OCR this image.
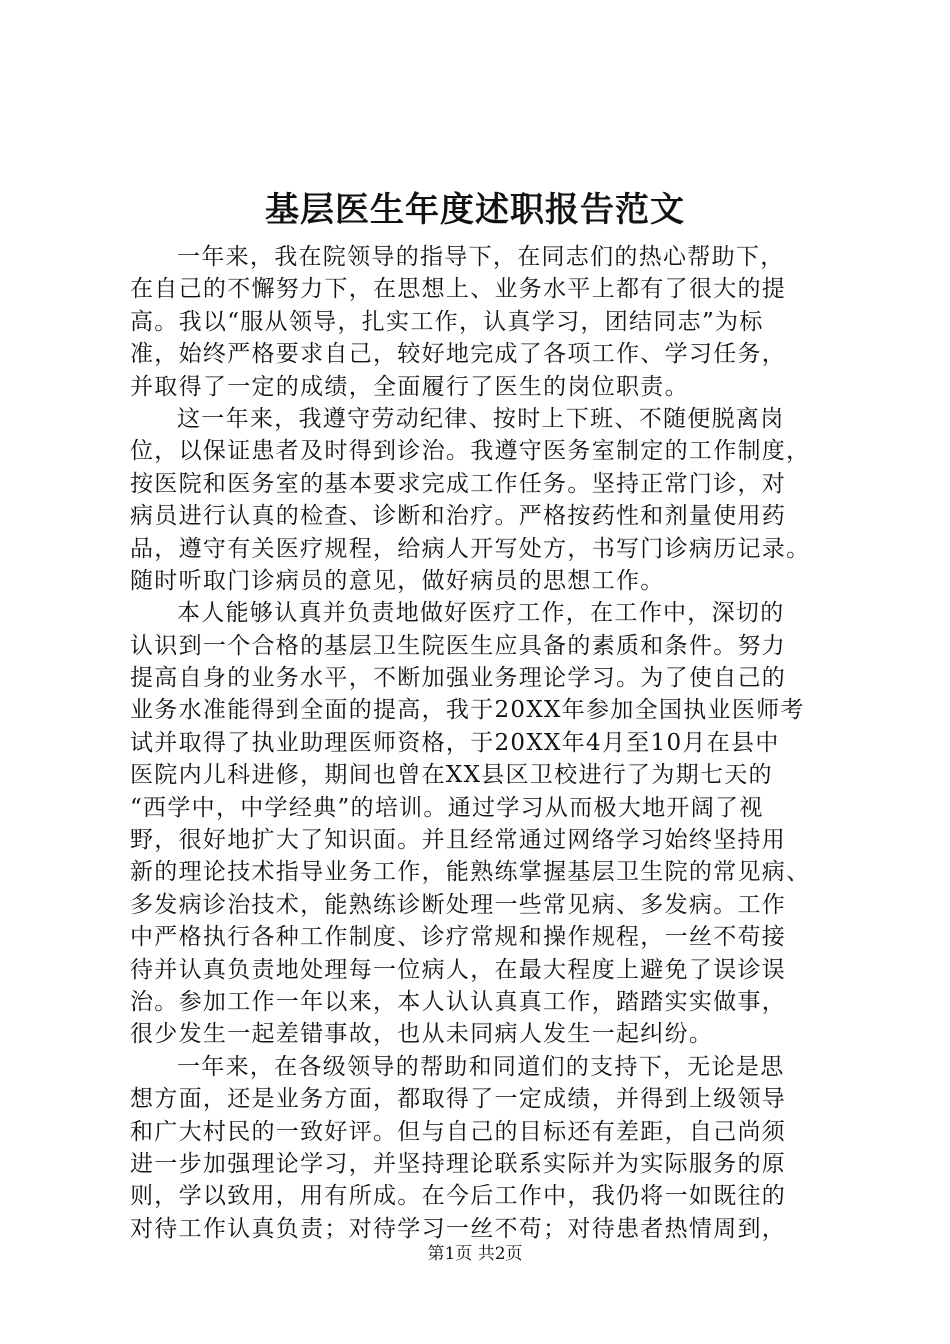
基层医生年度述职报告范文
一年来，我在院领导的指导下，在同志们的热心帮助下，
在自己的不懈努力下，在思想上、业务水平上都有了很大的提
高。我以“服从领导，扎实工作，认真学习，团结同志”为标
准，始终严格要求自己，较好地完成了各项工作、学习任务，
并取得了一定的成绩，全面履行了医生的岗位职责。
这一年来，我遵守劳动纪律、按时上下班、不随便脱离岗
位，以保证患者及时得到诊治。我遵守医务室制定的工作制度，
按医院和医务室的基本要求完成工作任务。坚持正常门诊，对
病员进行认真的检查、诊断和治疗。严格按药性和剂量使用药
品，遵守有关医疗规程，给病人开写处方，书写门诊病历记录。
随时听取门诊病员的意见，做好病员的思想工作。
本人能够认真并负责地做好医疗工作，在工作中，深切的
认识到一个合格的基层卫生院医生应具备的素质和条件。努力
提高自身的业务水平，不断加强业务理论学习。为了使自己的
业务水准能得到全面的提高，我于20XX年参加全国执业医师考
试并取得了执业助理医师资格，于20XX年4月至10月在县中
医院内儿科进修，期间也曾在XX县区卫校进行了为期七天的
“西学中，中学经典”的培训。通过学习从而极大地开阔了视
野，很好地扩大了知识面。并且经常通过网络学习始终坚持用
新的理论技术指导业务工作，能熟练掌握基层卫生院的常见病、
多发病诊治技术，能熟练诊断处理一些常见病、多发病。工作
中严格执行各种工作制度、诊疗常规和操作规程，一丝不苟接
待并认真负责地处理每一位病人，在最大程度上避免了误诊误
治。参加工作一年以来，本人认认真真工作，踏踏实实做事，
很少发生一起差错事故，也从未同病人发生一起纠纷。
一年来，在各级领导的帮助和同道们的支持下，无论是思
想方面，还是业务方面，都取得了一定成绩，并得到上级领导
和广大村民的一致好评。但与自己的目标还有差距，自己尚须
进一步加强理论学习，并坚持理论联系实际并为实际服务的原
则，学以致用，用有所成。在今后工作中，我仍将一如既往的
对待工作认真负责；对待学习一丝不苟；对待患者热情周到，
第1页 共2页
